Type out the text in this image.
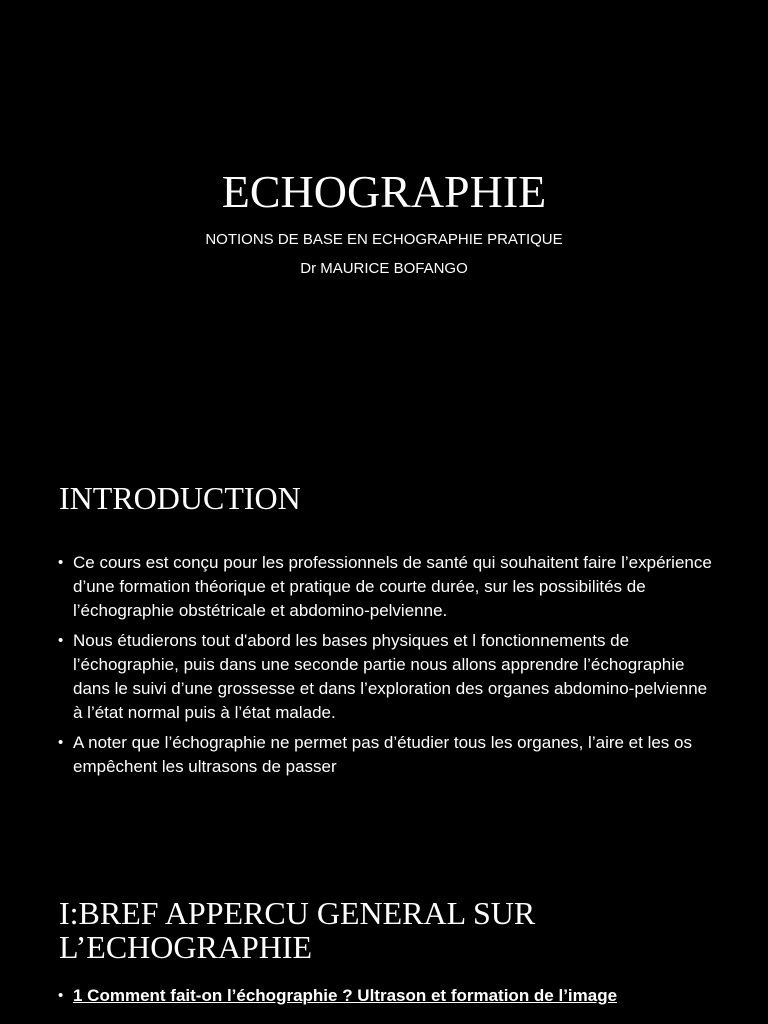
ECHOGRAPHIE

NOTIONS DE BASE EN ECHOGRAPHIE PRATIQUE

Dr MAURICE BOFANGO

INTRODUCTION
• Ce cours est conçu pour les professionnels de santé qui souhaitent faire l’expérience d’une formation théorique et pratique de courte durée, sur les possibilités de l’échographie obstétricale et abdomino-pelvienne.
• Nous étudierons tout d'abord les bases physiques et l fonctionnements de l’échographie, puis dans une seconde partie nous allons apprendre l’échographie dans le suivi d’une grossesse et dans l’exploration des organes abdomino-pelvienne à l’état normal puis à l’état malade.
• A noter que l’échographie ne permet pas d’étudier tous les organes, l’aire et les os empêchent les ultrasons de passer
I:BREF APPERCU GENERAL SUR
L’ECHOGRAPHIE
• 1 Comment fait-on l’échographie ? Ultrason et formation de l’image
